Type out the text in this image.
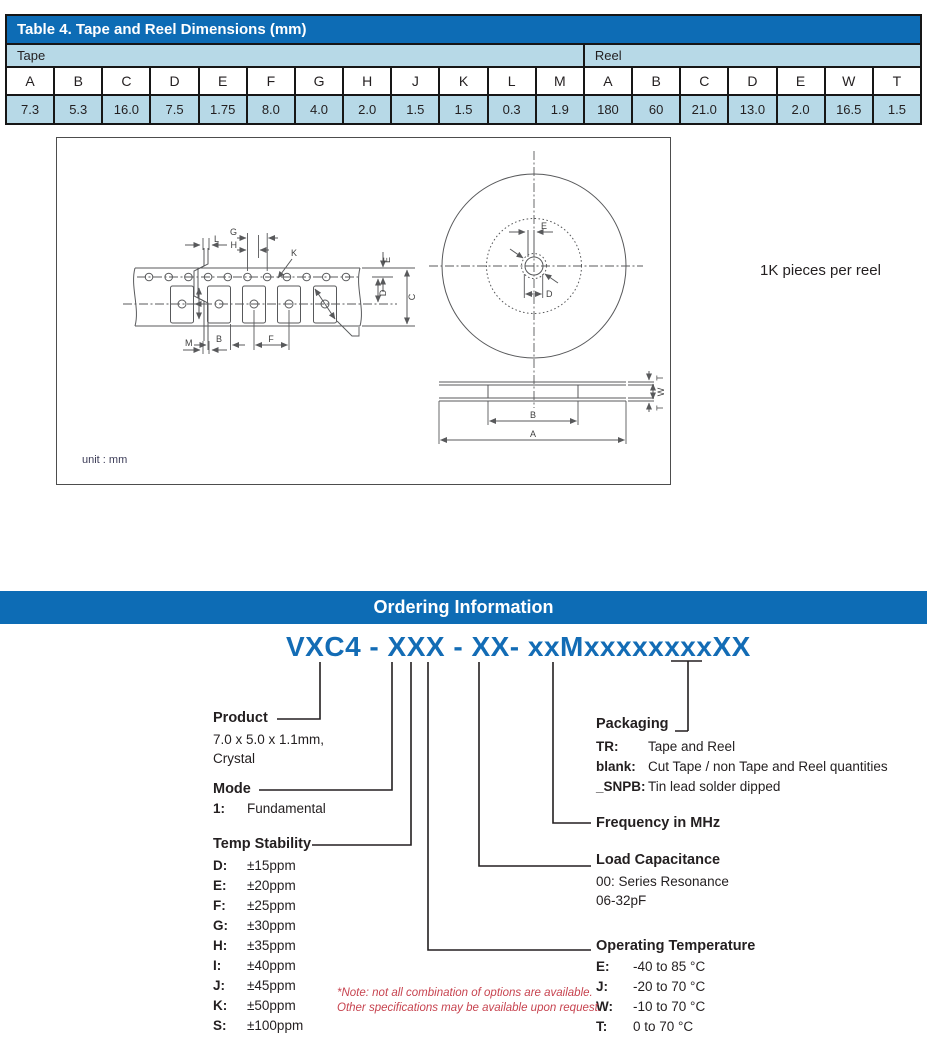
Table 4. Tape and Reel Dimensions (mm)																		
Tape												Reel						
A	B	C	D	E	F	G	H	J	K	L	M	A	B	C	D	E	W	T
7.3	5.3	16.0	7.5	1.75	8.0	4.0	2.0	1.5	1.5	0.3	1.9	180	60	21.0	13.0	2.0	16.5	1.5
L
M
G
H
K
E
D
C
B	F
E
D
B
A
T
W
T
unit : mm
1K pieces per reel
Ordering Information
VXC4 - XXX - XX- xxMxxxxxxxxXX
Product
7.0 x 5.0 x 1.1mm,
Crystal
Mode
1:	Fundamental
Temp Stability
D:	±15ppm
E:	±20ppm
F:	±25ppm
G:	±30ppm
H:	±35ppm
I:	±40ppm
J:	±45ppm
K:	±50ppm
S:	±100ppm
Packaging
TR:	Tape and Reel
blank: Cut Tape / non Tape and Reel quantities
_SNPB: Tin lead solder dipped
Frequency in MHz
Load Capacitance
00: Series Resonance
06-32pF
Operating Temperature
E:	-40 to 85 °C
J:	-20 to 70 °C
W:	-10 to 70 °C
T:	0 to 70 °C
*Note: not all combination of options are available.
Other specifications may be available upon request.
